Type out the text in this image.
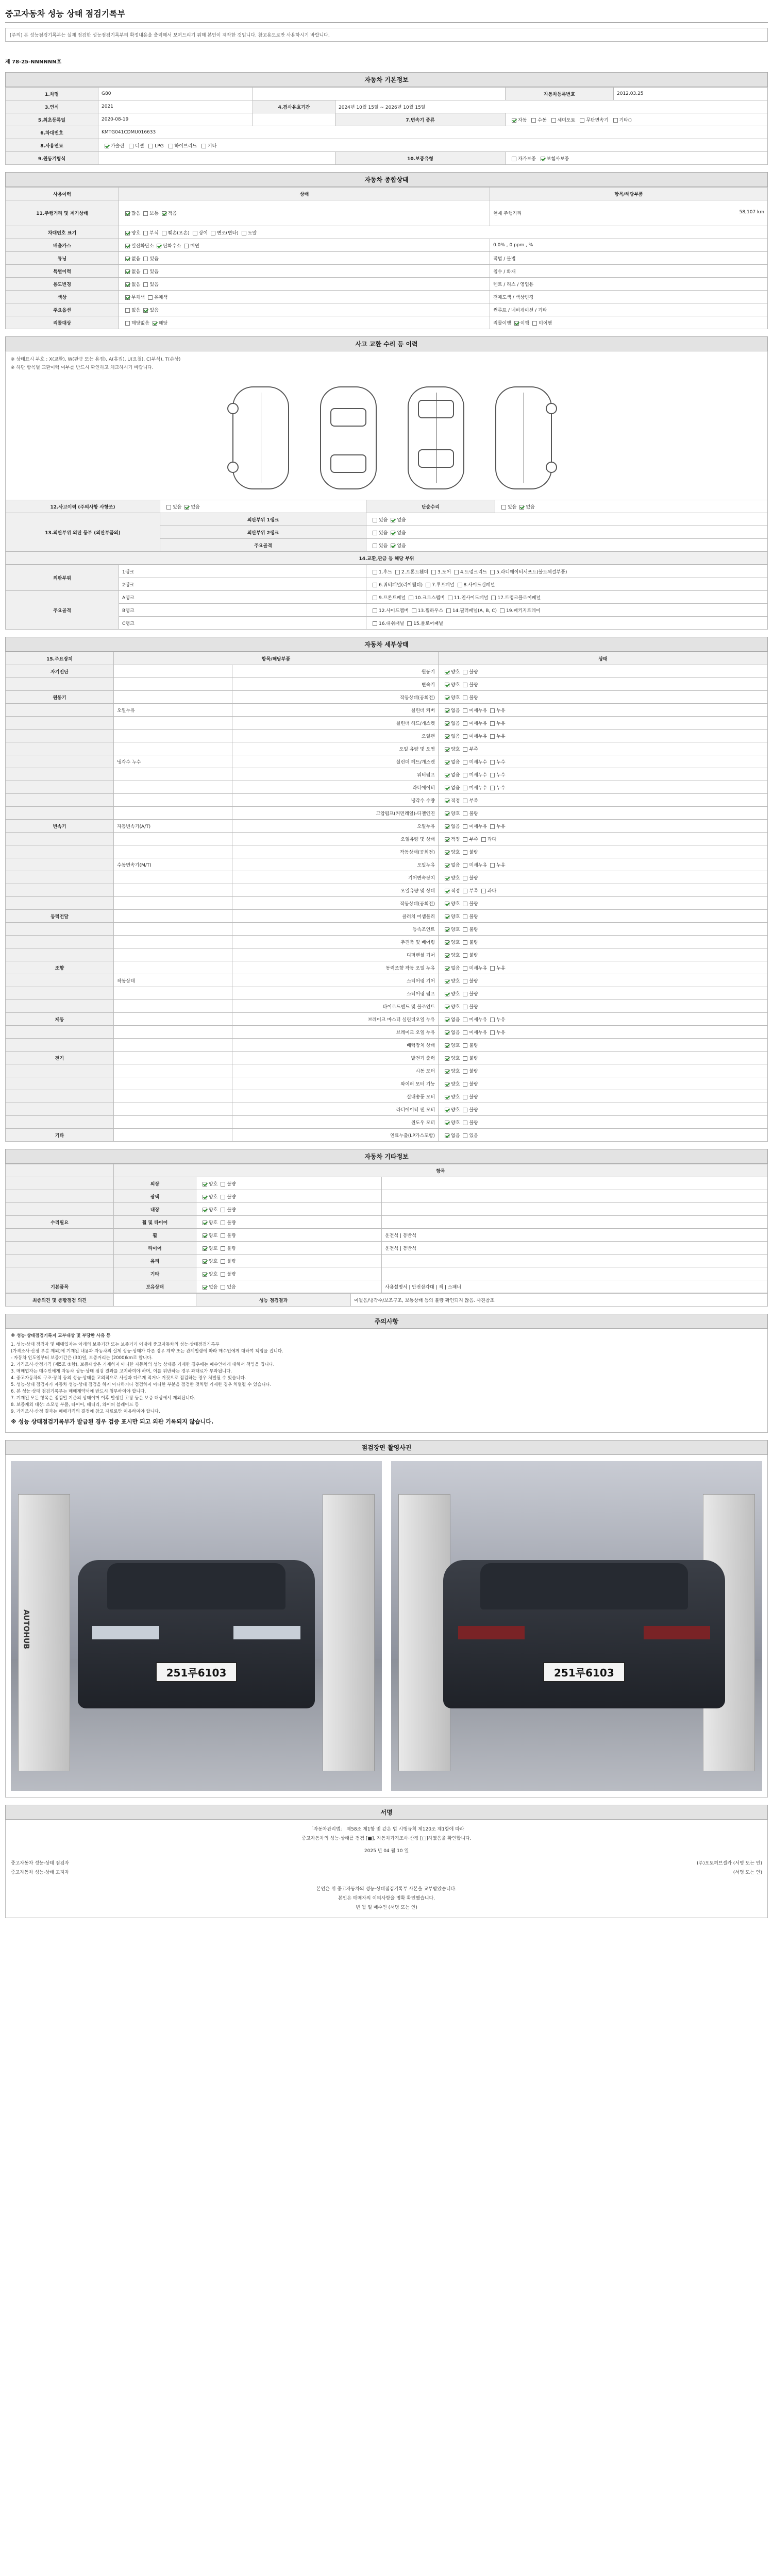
중고자동차 성능 상태 점검기록부
[주의] 본 성능점검기록부는 실제 점검한 성능점검기록부의 확정내용을 출력해서 보여드리기 위해 본인이 제작한 것입니다. 참고용도로만 사용하시기 바랍니다.
제 78-25-NNNNNN호
자동차 기본정보
1.차명	G80			자동차등록번호	2012.03.25
3.연식	2021	4.검사유효기간	2024년 10월 15일 ~ 2026년 10월 15일		
5.최초등록일	2020-08-19		7.변속기 종류	자동 수동 세미오토 무단변속기 기타()	
6.차대번호	KMTG041CDMU016633				
8.사용연료	가솔린 디젤 LPG 하이브리드 기타				
9.원동기형식			10.보증유형	자가보증 보험사보증	
자동차 종합상태
사용이력	상태	항목/해당부품
11.주행거리 및 계기상태	많음 보통 적음	현재 주행거리 58,107 km

차대번호 표기	양호 부식 훼손(오손) 상이 변조(변타) 도말	
배출가스	일산화탄소 탄화수소 매연	0.0% , 0 ppm , %
튜닝	없음 있음	적법 / 불법
특별이력	없음 있음	침수 / 화재
용도변경	없음 있음	렌트 / 리스 / 영업용
색상	무채색 유채색	전체도색 / 색상변경
주요옵션	없음 있음	썬루프 / 네비게이션 / 기타
리콜대상	해당없음 해당	리콜이행 이행 미이행
사고 교환 수리 등 이력
※ 상태표시 부호 : X(교환), W(판금 또는 용접), A(흠집), U(요철), C(부식), T(손상)
※ 하단 항목별 교환이력 여부를 반드시 확인하고 체크하시기 바랍니다.
12.사고이력 (주의사항 사항조)	있음 없음	단순수리	있음 없음
13.외판부위 외판 등부 (외판부품의)	외판부위 1랭크	있음 없음	
	외판부위 2랭크	있음 없음	
	주요골격	있음 없음	
14.교환,판금 등 해당 부위			
외판부위	1랭크	1.후드 2.프론트휀더 3.도어 4.트렁크리드 5.라디에이터서포트(볼트체결부품)
	2랭크	6.쿼터패널(리어휀더) 7.루프패널 8.사이드실패널
주요골격	A랭크	9.프론트패널 10.크로스멤버 11.인사이드패널 17.트렁크플로어패널
	B랭크	12.사이드멤버 13.휠하우스 14.필러패널(A, B, C) 19.패키지트레이
	C랭크	16.대쉬패널 15.플로어패널
자동차 세부상태
15.주요장치	항목/해당부품		상태
자기진단		원동기	양호 불량
		변속기	양호 불량
원동기		작동상태(공회전)	양호 불량
	오일누유	실린더 커버	없음 미세누유 누유
		실린더 헤드/개스켓	없음 미세누유 누유
		오일팬	없음 미세누유 누유
		오일 유량 및 오염	양호 부족
	냉각수 누수	실린더 헤드/개스켓	없음 미세누수 누수
		워터펌프	없음 미세누수 누수
		라디에이터	없음 미세누수 누수
		냉각수 수량	적정 부족
		고압펌프(커먼레일)-디젤엔진	양호 불량
변속기	자동변속기(A/T)	오일누유	없음 미세누유 누유
		오일유량 및 상태	적정 부족 과다
		작동상태(공회전)	양호 불량
	수동변속기(M/T)	오일누유	없음 미세누유 누유
		기어변속장치	양호 불량
		오일유량 및 상태	적정 부족 과다
		작동상태(공회전)	양호 불량
동력전달		클러치 어셈블리	양호 불량
		등속조인트	양호 불량
		추진축 및 베어링	양호 불량
		디퍼렌셜 기어	양호 불량
조향		동력조향 작동 오일 누유	없음 미세누유 누유
	작동상태	스티어링 기어	양호 불량
		스티어링 펌프	양호 불량
		타이로드엔드 및 볼조인트	양호 불량
제동		브레이크 마스터 실린더오일 누유	없음 미세누유 누유
		브레이크 오일 누유	없음 미세누유 누유
		배력장치 상태	양호 불량
전기		발전기 출력	양호 불량
		시동 모터	양호 불량
		와이퍼 모터 기능	양호 불량
		실내송풍 모터	양호 불량
		라디에이터 팬 모터	양호 불량
		윈도우 모터	양호 불량
기타		연료누출(LP가스포함)	없음 있음
자동차 기타정보
	항목		
	외장	양호 불량	
	광택	양호 불량	
	내장	양호 불량	
수리필요	휠 및 타이어	양호 불량	
	휠	양호 불량	운전석 | 동반석
	타이어	양호 불량	운전석 | 동반석
	유리	양호 불량	
	기타	양호 불량	
기본품목	보유상태	없음 있음	사용설명서 | 안전삼각대 | 잭 | 스패너
최종의견 및 종합점검 의견		성능 점검결과	이월음/냉각수/보조구조, 보통상태 등의 불량 확인되지 않음. 사진참조
주의사항
※ 성능·상태점검기록지 교부대상 및 부당한 사유 등
1. 성능·상태 점검자 및 매매업자는 아래의 보증기간 또는 보증거리 이내에 중고자동차의 성능·상태점검기록부
(가격조사·산정 부분 제외)에 기재된 내용과 자동차의 실제 성능·상태가 다른 경우 계약 또는 관계법령에 따라 매수인에게 대하여 책임을 집니다.
- 자동차 인도일부터 보증기간은 (30)일, 보증거리는 (2000)km로 합니다.
2. 가격조사·산정가격 (제5조 ②항), 보증대상은 기재하지 아니한 자동차의 성능 상태를 기재한 경우에는 매수인에게 대해서 책임을 집니다.
3. 매매업자는 매수인에게 자동차 성능·상태 점검 결과를 고지하여야 하며, 이를 위반하는 경우 과태료가 부과됩니다.
4. 중고자동차의 구조·장치 등의 성능·상태를 고의적으로 사실과 다르게 적거나 거짓으로 점검하는 경우 처벌될 수 있습니다.
5. 성능·상태 점검자가 자동차 성능·상태 점검을 하지 아니하거나 점검하지 아니한 부분을 점검한 것처럼 기재한 경우 처벌될 수 있습니다.
6. 본 성능·상태 점검기록부는 매매계약서에 반드시 첨부하여야 합니다.
7. 기재된 모든 항목은 점검일 기준의 상태이며 이후 발생된 고장 등은 보증 대상에서 제외됩니다.
8. 보증제외 대상: 소모성 부품, 타이어, 배터리, 와이퍼 블레이드 등
9. 가격조사·산정 결과는 매매가격의 결정에 참고 자료로만 이용하여야 합니다.
※ 성능 상태점검기록부가 발급된 경우 검증 표시만 되고 외관 기록되지 않습니다.
점검장면 촬영사진
AUTOHUB
251루6103	251루6103
서명
「자동차관리법」 제58조 제1항 및 같은 법 시행규칙 제120조 제1항에 따라
중고자동차의 성능·상태를 점검 [■], 자동차가격조사·산정 [□]하였음을 확인합니다.
2025 년 04 월 10 일
중고자동차 성능·상태 점검자	(주)오토허브셀카 (서명 또는 인)
중고자동차 성능·상태 고지자	(서명 또는 인)
본인은 위 중고자동차의 성능·상태점검기록부 사본을 교부받았습니다.
본인은 매매자의 이의사항을 명확 확인했습니다.
년 월 일 매수인 (서명 또는 인)
